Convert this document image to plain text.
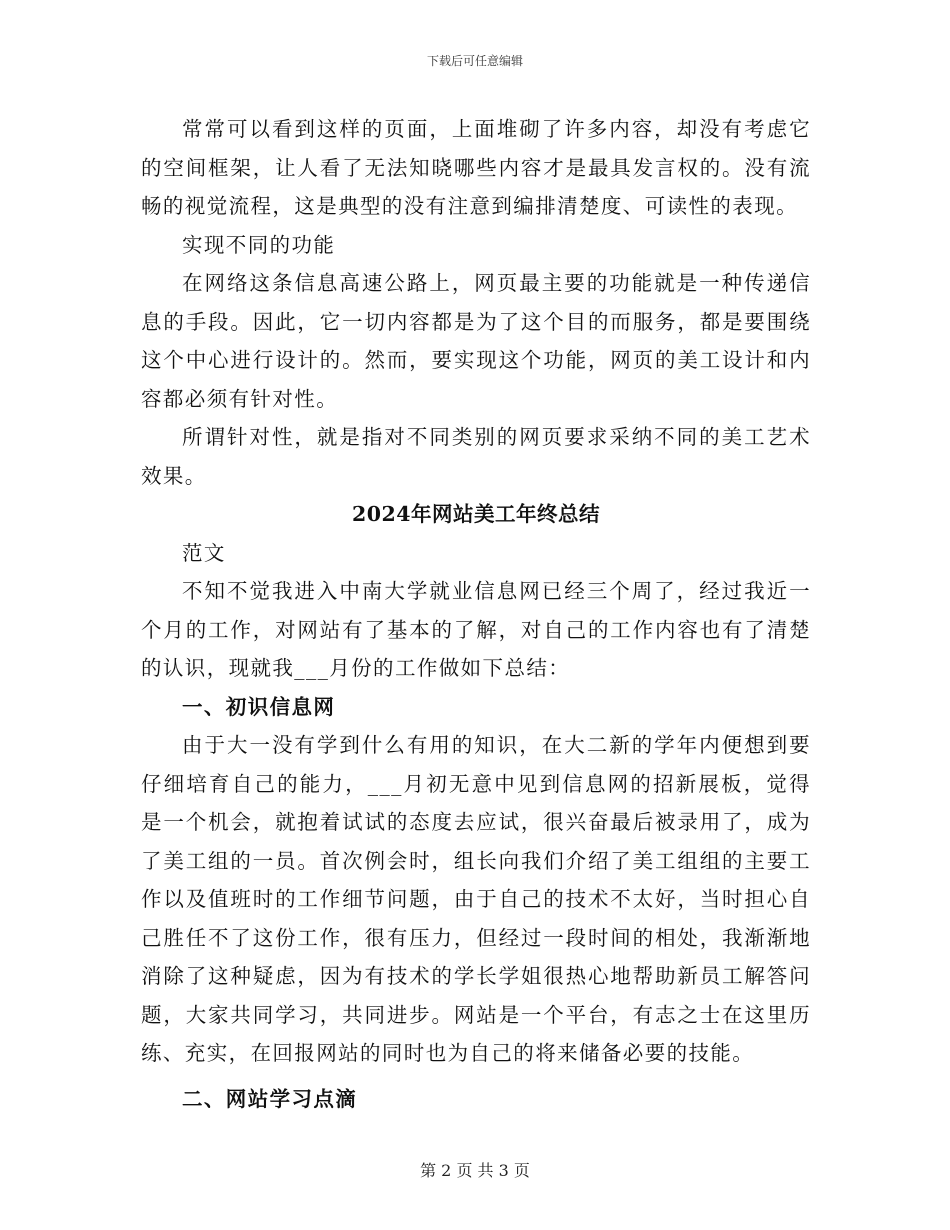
下载后可任意编辑

常常可以看到这样的页面，上面堆砌了许多内容，却没有考虑它的空间框架，让人看了无法知晓哪些内容才是最具发言权的。没有流畅的视觉流程，这是典型的没有注意到编排清楚度、可读性的表现。

实现不同的功能

在网络这条信息高速公路上，网页最主要的功能就是一种传递信息的手段。因此，它一切内容都是为了这个目的而服务，都是要围绕这个中心进行设计的。然而，要实现这个功能，网页的美工设计和内容都必须有针对性。

所谓针对性，就是指对不同类别的网页要求采纳不同的美工艺术效果。

2024年网站美工年终总结

范文

不知不觉我进入中南大学就业信息网已经三个周了，经过我近一个月的工作，对网站有了基本的了解，对自己的工作内容也有了清楚的认识，现就我___月份的工作做如下总结：

一、初识信息网

由于大一没有学到什么有用的知识，在大二新的学年内便想到要仔细培育自己的能力，___月初无意中见到信息网的招新展板，觉得是一个机会，就抱着试试的态度去应试，很兴奋最后被录用了，成为了美工组的一员。首次例会时，组长向我们介绍了美工组组的主要工作以及值班时的工作细节问题，由于自己的技术不太好，当时担心自己胜任不了这份工作，很有压力，但经过一段时间的相处，我渐渐地消除了这种疑虑，因为有技术的学长学姐很热心地帮助新员工解答问题，大家共同学习，共同进步。网站是一个平台，有志之士在这里历练、充实，在回报网站的同时也为自己的将来储备必要的技能。

二、网站学习点滴

第 2 页 共 3 页
